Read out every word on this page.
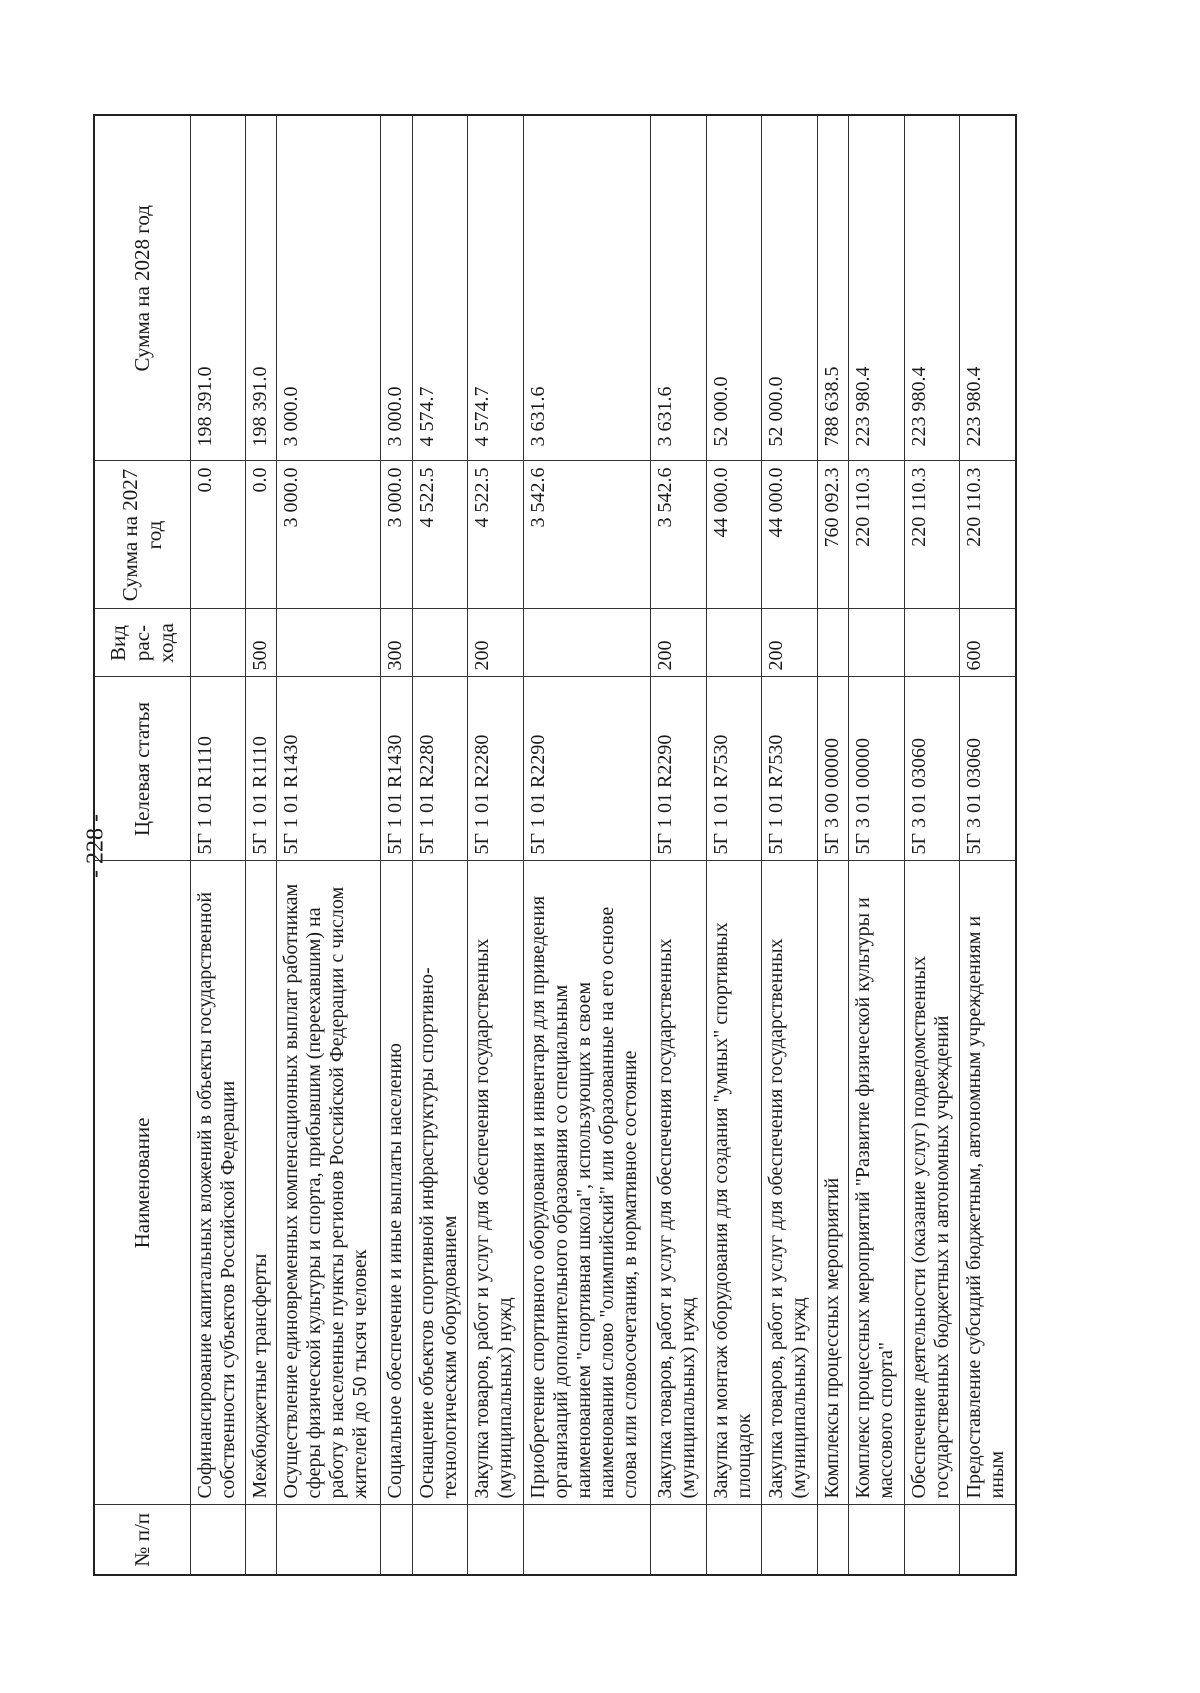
- 228 -
№ п/п	Наименование	Целевая статья	Вид рас-хода	Сумма на 2027 год	Сумма на 2028 год
	Софинансирование капитальных вложений в объекты государственной собственности субъектов Российской Федерации	5Г 1 01 R1110		0.0	198 391.0
	Межбюджетные трансферты	5Г 1 01 R1110	500	0.0	198 391.0
	Осуществление единовременных компенсационных выплат работникам сферы физической культуры и спорта, прибывшим (переехавшим) на работу в населенные пункты регионов Российской Федерации с числом жителей до 50 тысяч человек	5Г 1 01 R1430		3 000.0	3 000.0
	Социальное обеспечение и иные выплаты населению	5Г 1 01 R1430	300	3 000.0	3 000.0
	Оснащение объектов спортивной инфраструктуры спортивно-технологическим оборудованием	5Г 1 01 R2280		4 522.5	4 574.7
	Закупка товаров, работ и услуг для обеспечения государственных (муниципальных) нужд	5Г 1 01 R2280	200	4 522.5	4 574.7
	Приобретение спортивного оборудования и инвентаря для приведения организаций дополнительного образования со специальным наименованием "спортивная школа", использующих в своем наименовании слово "олимпийский" или образованные на его основе слова или словосочетания, в нормативное состояние	5Г 1 01 R2290		3 542.6	3 631.6
	Закупка товаров, работ и услуг для обеспечения государственных (муниципальных) нужд	5Г 1 01 R2290	200	3 542.6	3 631.6
	Закупка и монтаж оборудования для создания "умных" спортивных площадок	5Г 1 01 R7530		44 000.0	52 000.0
	Закупка товаров, работ и услуг для обеспечения государственных (муниципальных) нужд	5Г 1 01 R7530	200	44 000.0	52 000.0
	Комплексы процессных мероприятий	5Г 3 00 00000		760 092.3	788 638.5
	Комплекс процессных мероприятий "Развитие физической культуры и массового спорта"	5Г 3 01 00000		220 110.3	223 980.4
	Обеспечение деятельности (оказание услуг) подведомственных государственных бюджетных и автономных учреждений	5Г 3 01 03060		220 110.3	223 980.4
	Предоставление субсидий бюджетным, автономным учреждениям и иным	5Г 3 01 03060	600	220 110.3	223 980.4
